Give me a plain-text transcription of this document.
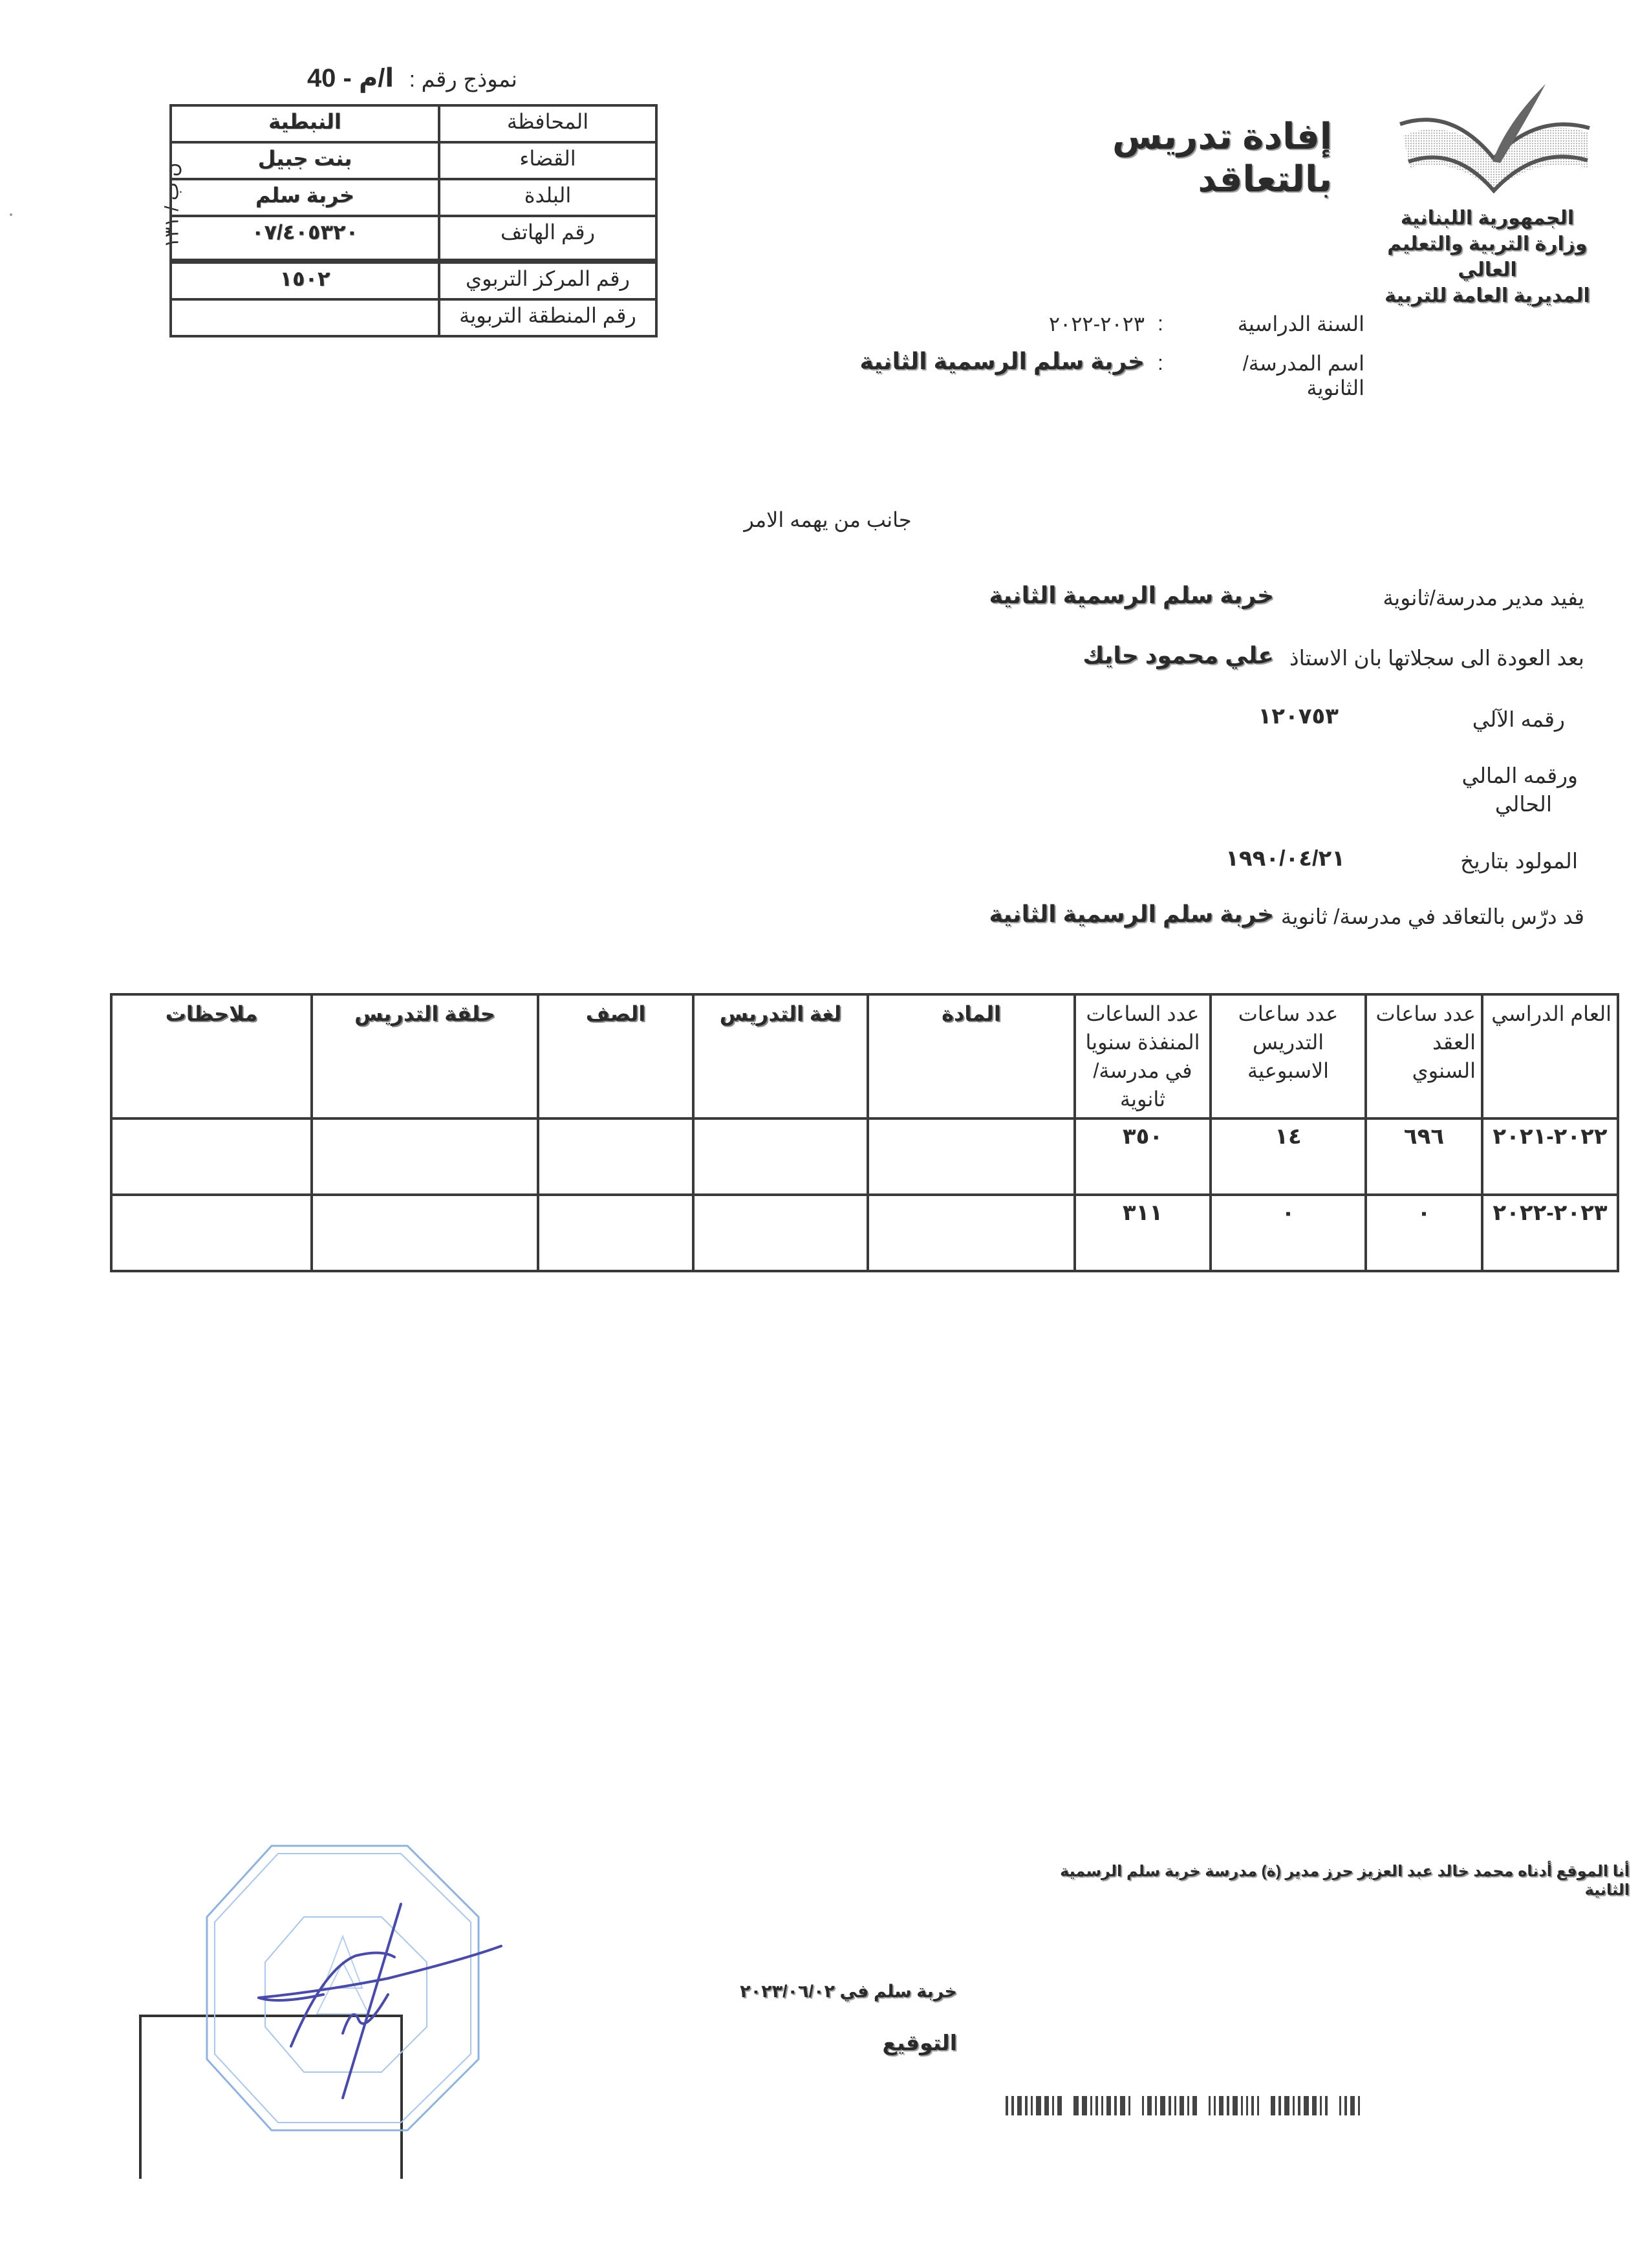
نموذج رقم : ا/م - 40
ن.ب / ١٣١
المحافظة	النبطية
القضاء	بنت جبيل
البلدة	خربة سلم
رقم الهاتف	٠٧/٤٠٥٣٢٠
رقم المركز التربوي	١٥٠٢
رقم المنطقة التربوية	
الجمهورية اللبنانية
وزارة التربية والتعليم العالي
المديرية العامة للتربية
إفادة تدريس بالتعاقد
السنة الدراسية
:
٢٠٢٣-٢٠٢٢
اسم المدرسة/الثانوية
:
خربة سلم الرسمية الثانية
جانب من يهمه الامر
يفيد مدير مدرسة/ثانوية
خربة سلم الرسمية الثانية
بعد العودة الى سجلاتها بان الاستاذ
علي محمود حايك
رقمه الآلي
١٢٠٧٥٣
ورقمه المالي
الحالي
المولود بتاريخ
١٩٩٠/٠٤/٢١
قد درّس بالتعاقد في مدرسة/ ثانوية
خربة سلم الرسمية الثانية
العام الدراسي	عدد ساعات العقد السنوي	عدد ساعات التدريس الاسبوعية	عدد الساعات المنفذة سنويا في مدرسة/ثانوية	المادة	لغة التدريس	الصف	حلقة التدريس	ملاحظات
٢٠٢٢-٢٠٢١	٦٩٦	١٤	٣٥٠					
٢٠٢٣-٢٠٢٢	٠	٠	٣١١					
أنا الموقع أدناه محمد خالد عبد العزيز حرز مدير (ة) مدرسة خربة سلم الرسمية الثانية
خربة سلم في ٢٠٢٣/٠٦/٠٢
التوقيع
